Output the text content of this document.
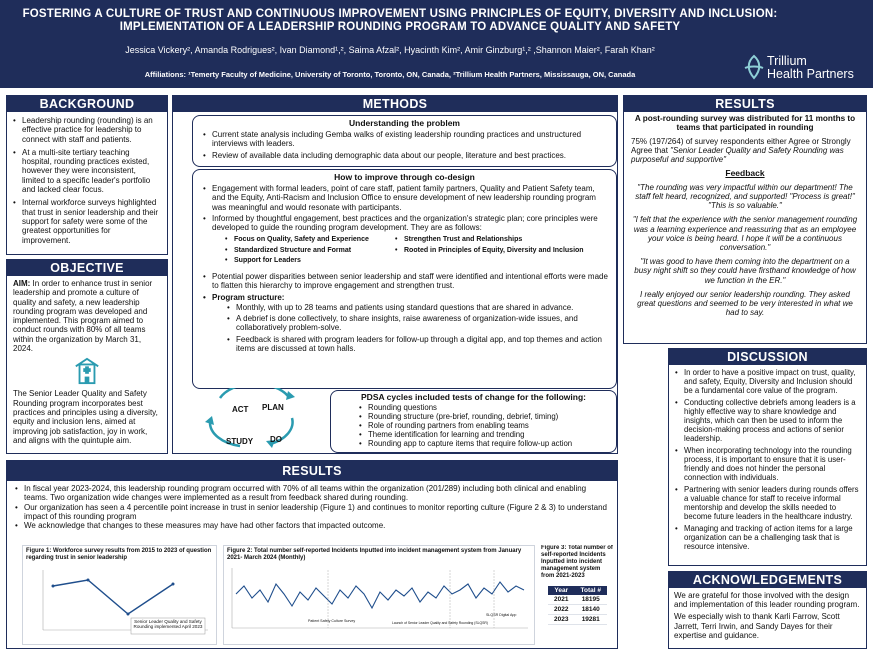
FOSTERING A CULTURE OF TRUST AND CONTINUOUS IMPROVEMENT USING PRINCIPLES OF EQUITY, DIVERSITY AND INCLUSION: IMPLEMENTATION OF A LEADERSHIP ROUNDING PROGRAM TO ADVANCE QUALITY AND SAFETY
Jessica Vickery², Amanda Rodrigues², Ivan Diamond¹,², Saima Afzal², Hyacinth Kim², Amir Ginzburg¹,² ,Shannon Maier², Farah Khan²
Affiliations: ¹Temerty Faculty of Medicine, University of Toronto, Toronto, ON, Canada, ²Trillium Health Partners, Mississauga, ON, Canada
Trillium
Health Partners
BACKGROUND
• Leadership rounding (rounding) is an effective practice for leadership to connect with staff and patients.
• At a multi-site tertiary teaching hospital, rounding practices existed, however they were inconsistent, limited to a specific leader's portfolio and lacked clear focus.
• Internal workforce surveys highlighted that trust in senior leadership and their support for safety were some of the greatest opportunities for improvement.
OBJECTIVE

AIM: In order to enhance trust in senior leadership and promote a culture of quality and safety, a new leadership rounding program was developed and implemented. This program aimed to conduct rounds with 80% of all teams within the organization by March 31, 2024.

The Senior Leader Quality and Safety Rounding program incorporates best practices and principles using a diversity, equity and inclusion lens, aimed at improving job satisfaction, joy in work, and aligns with the quintuple aim.

METHODS
Understanding the problem
• Current state analysis including Gemba walks of existing leadership rounding practices and unstructured interviews with leaders.
• Review of available data including demographic data about our people, literature and best practices.
How to improve through co-design
• Engagement with formal leaders, point of care staff, patient family partners, Quality and Patient Safety team, and the Equity, Anti-Racism and Inclusion Office to ensure development of new leadership rounding program was meaningful and would resonate with participants.
• Informed by thoughtful engagement, best practices and the organization's strategic plan; core principles were developed to guide the rounding program development. They are as follows:
• Focus on Quality, Safety and Experience
• Standardized Structure and Format
• Support for Leaders
• Strengthen Trust and Relationships
• Rooted in Principles of Equity, Diversity and Inclusion
• Potential power disparities between senior leadership and staff were identified and intentional efforts were made to flatten this hierarchy to improve engagement and strengthen trust.
• Program structure:
• Monthly, with up to 28 teams and patients using standard questions that are shared in advance.
• A debrief is done collectively, to share insights, raise awareness of organization-wide issues, and collaboratively problem-solve.
• Feedback is shared with program leaders for follow-up through a digital app, and top themes and action items are discussed at town halls.
ACT PLAN
STUDY DO
PDSA cycles included tests of change for the following:
• Rounding questions
• Rounding structure (pre-brief, rounding, debrief, timing)
• Role of rounding partners from enabling teams
• Theme identification for learning and trending
• Rounding app to capture items that require follow-up action
RESULTS
• In fiscal year 2023-2024, this leadership rounding program occurred with 70% of all teams within the organization (201/289) including both clinical and enabling teams. Two organization wide changes were implemented as a result from feedback shared during rounding.
• Our organization has seen a 4 percentile point increase in trust in senior leadership (Figure 1) and continues to monitor reporting culture (Figure 2 & 3) to understand impact of this rounding program
• We acknowledge that changes to these measures may have had other factors that impacted outcome.
Figure 1: Workforce survey results from 2015 to 2023 of question regarding trust in senior leadership
Senior Leader Quality and Safety Rounding implemented April 2023
Figure 2: Total number self-reported Incidents Inputted into incident management system from January 2021- March 2024 (Monthly)
Patient Safety Culture Survey	Launch of Senior Leader Quality and Safety Rounding (SLQSR)
SLQSR Digital App
Figure 3: Total number of self-reported Incidents Inputted into incident management system from 2021-2023
Year	Total #
2021	18195
2022	18140
2023	19281
RESULTS

A post-rounding survey was distributed for 11 months to teams that participated in rounding

75% (197/264) of survey respondents either Agree or Strongly Agree that "Senior Leader Quality and Safety Rounding was purposeful and supportive"

Feedback

"The rounding was very impactful within our department! The staff felt heard, recognized, and supported! "Process is great!" "This is so valuable."

"I felt that the experience with the senior management rounding was a learning experience and reassuring that as an employee your voice is being heard. I hope it will be a continuous conversation."

"It was good to have them coming into the department on a busy night shift so they could have firsthand knowledge of how we function in the ER."

I really enjoyed our senior leadership rounding. They asked great questions and seemed to be very interested in what we had to say.

DISCUSSION
• In order to have a positive impact on trust, quality, and safety, Equity, Diversity and Inclusion should be a fundamental core value of the program.
• Conducting collective debriefs among leaders is a highly effective way to share knowledge and insights, which can then be used to inform the decision-making process and actions of senior leadership.
• When incorporating technology into the rounding process, it is important to ensure that it is user-friendly and does not hinder the personal connection with individuals.
• Partnering with senior leaders during rounds offers a valuable chance for staff to receive informal mentorship and develop the skills needed to become future leaders in the healthcare industry.
• Managing and tracking of action items for a large organization can be a challenging task that is resource intensive.
ACKNOWLEDGEMENTS

We are grateful for those involved with the design and implementation of this leader rounding program.

We especially wish to thank Karli Farrow, Scott Jarrett, Terri Irwin, and Sandy Dayes for their expertise and guidance.
